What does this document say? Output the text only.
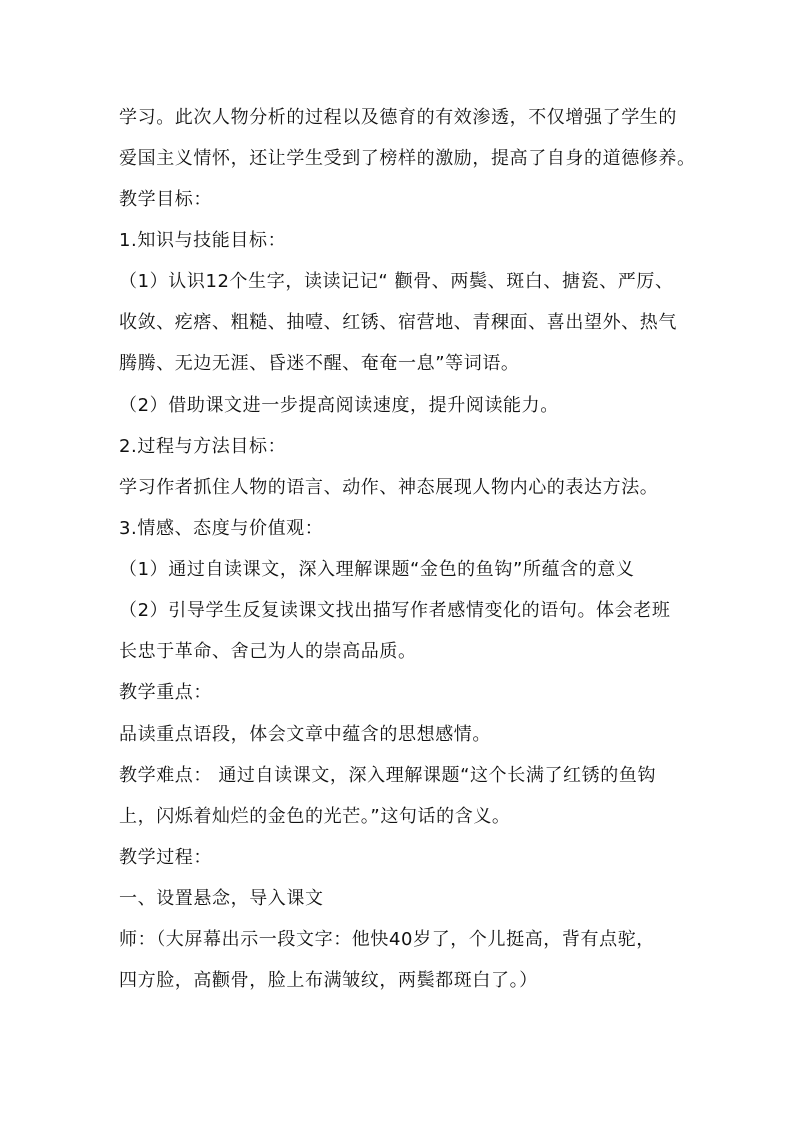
学习。此次人物分析的过程以及德育的有效渗透，不仅增强了学生的
爱国主义情怀，还让学生受到了榜样的激励，提高了自身的道德修养。
教学目标：
1.知识与技能目标：
（1）认识12个生字，读读记记“ 颧骨、两鬓、斑白、搪瓷、严厉、
收敛、疙瘩、粗糙、抽噎、红锈、宿营地、青稞面、喜出望外、热气
腾腾、无边无涯、昏迷不醒、奄奄一息”等词语。
（2）借助课文进一步提高阅读速度，提升阅读能力。
2.过程与方法目标：
学习作者抓住人物的语言、动作、神态展现人物内心的表达方法。
3.情感、态度与价值观：
（1）通过自读课文，深入理解课题“金色的鱼钩”所蕴含的意义
（2）引导学生反复读课文找出描写作者感情变化的语句。体会老班
长忠于革命、舍己为人的崇高品质。
教学重点：
品读重点语段，体会文章中蕴含的思想感情。
教学难点： 通过自读课文，深入理解课题“这个长满了红锈的鱼钩
上，闪烁着灿烂的金色的光芒。”这句话的含义。
教学过程：
一、设置悬念，导入课文
师：（大屏幕出示一段文字：他快40岁了，个儿挺高，背有点驼，
四方脸，高颧骨，脸上布满皱纹，两鬓都斑白了。）
